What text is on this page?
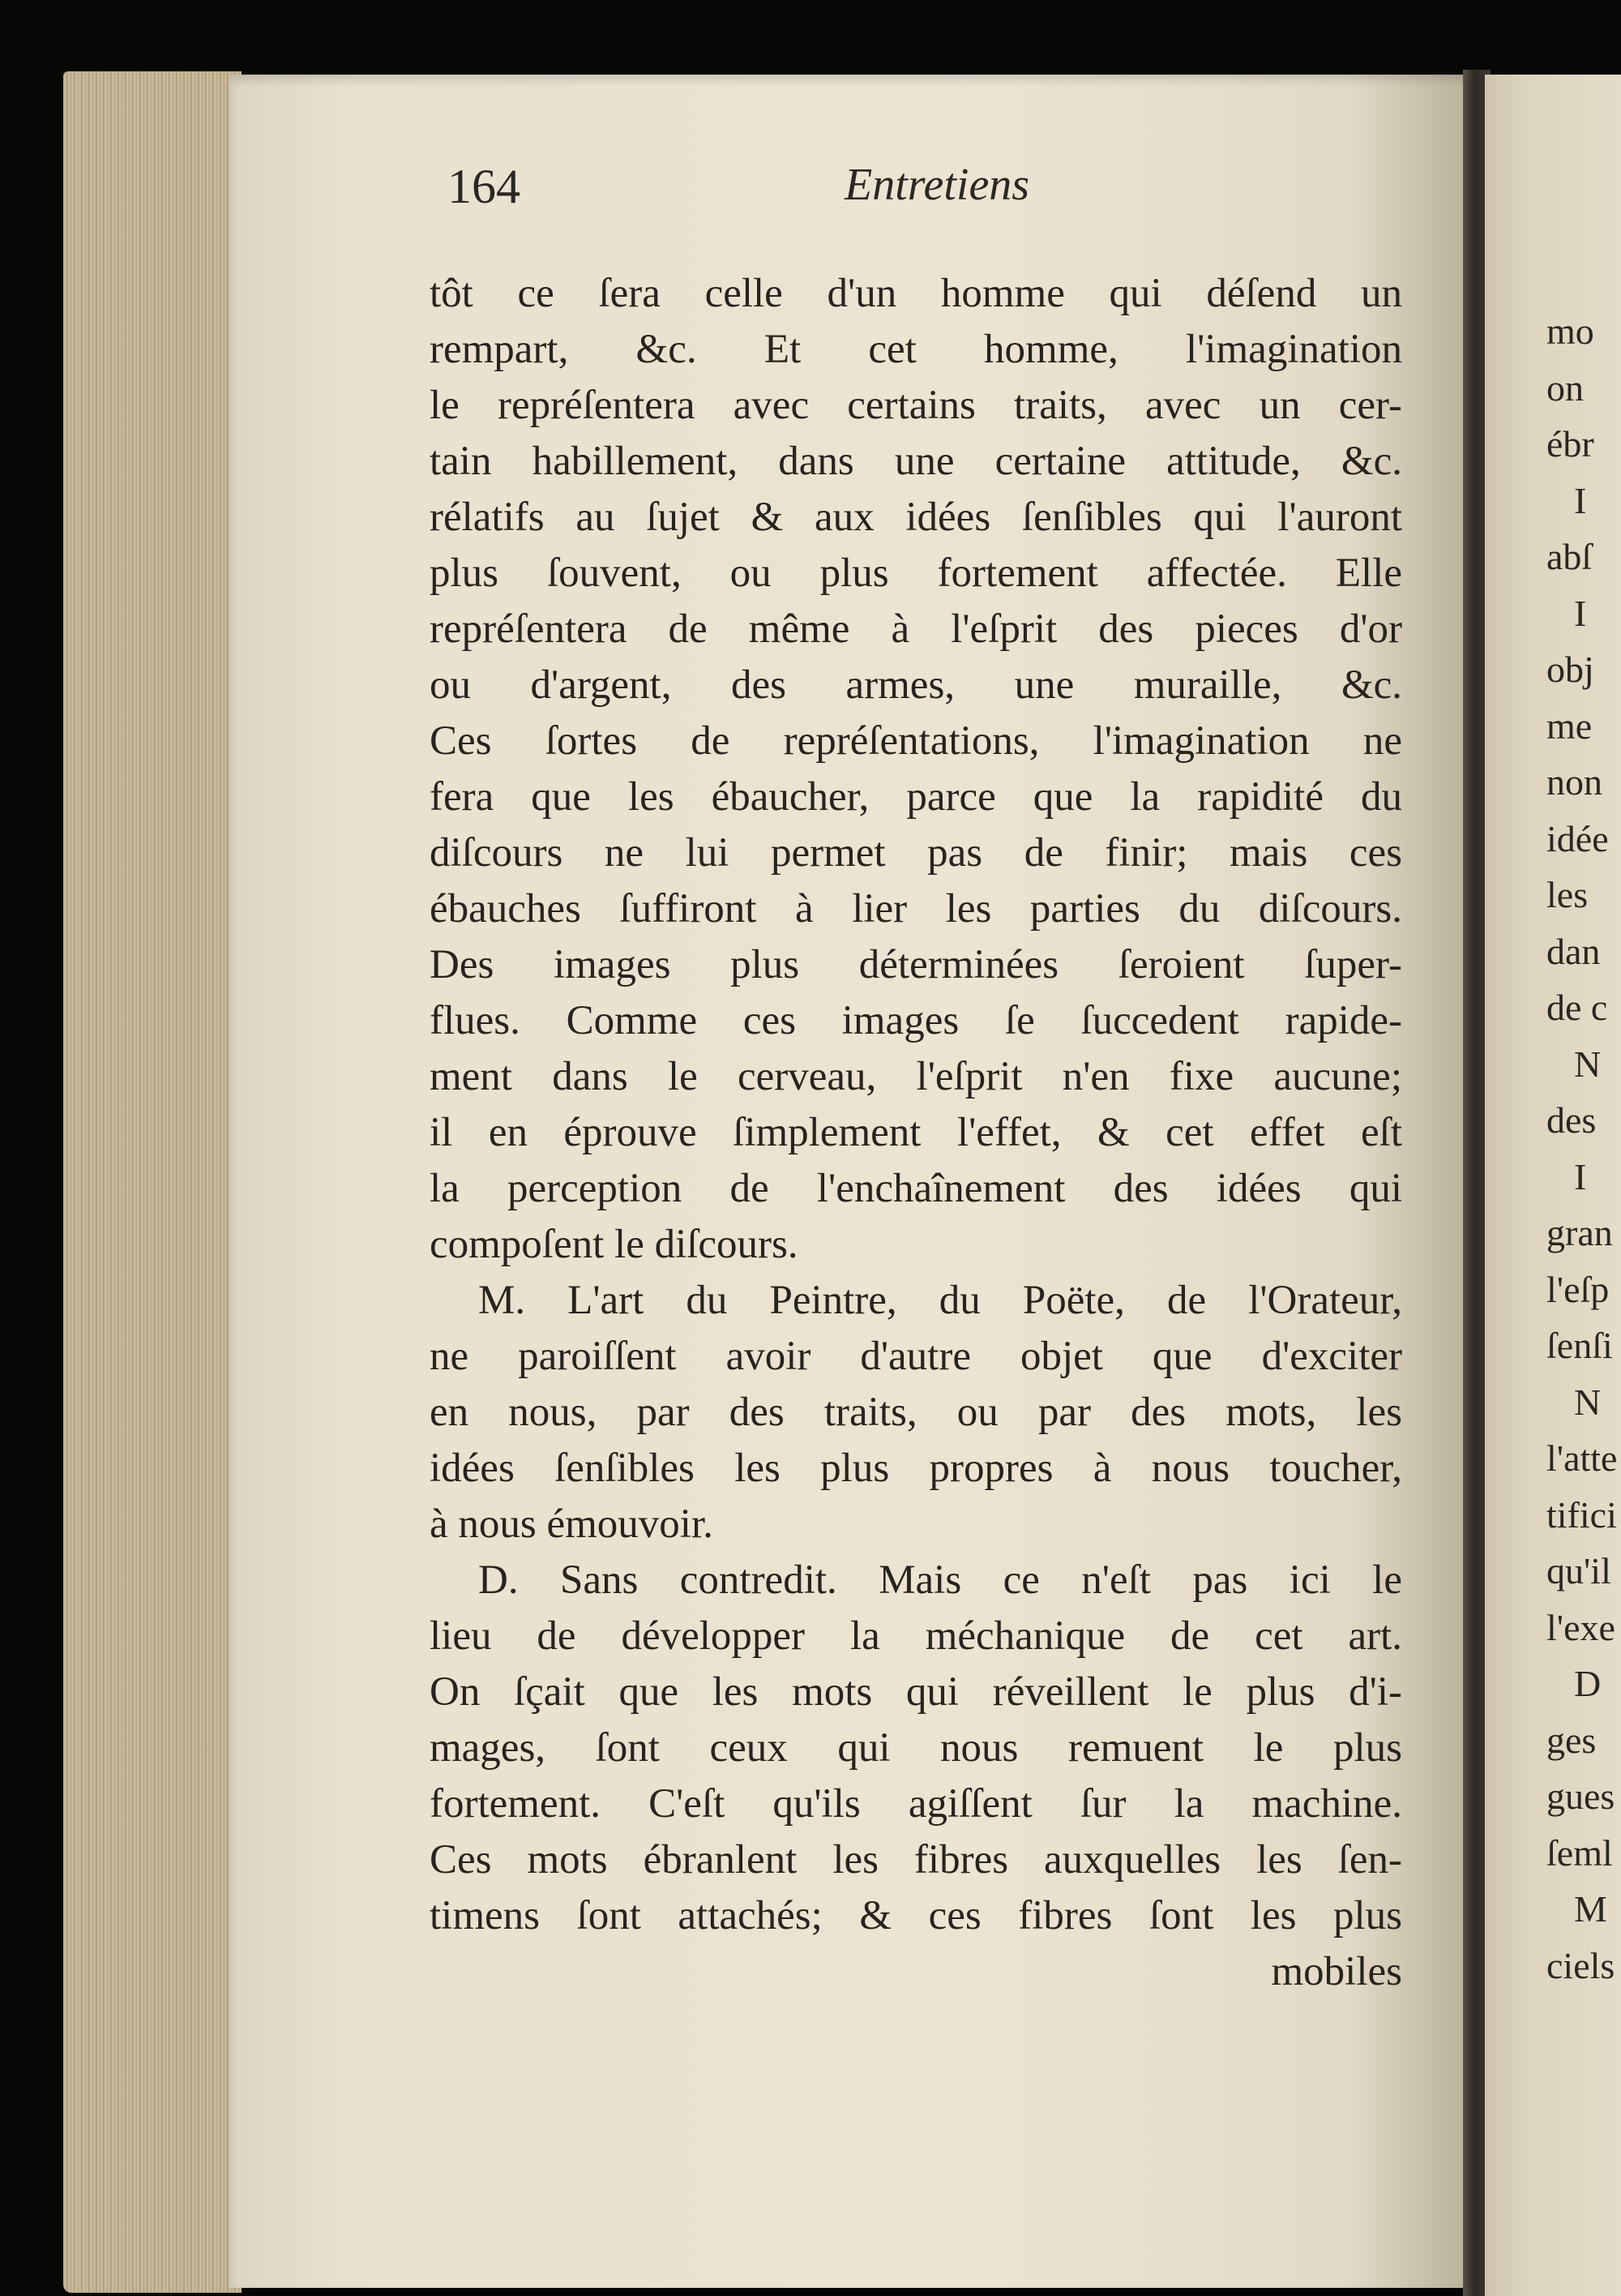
mo
on
ébr
I
abſ
I
obj
me
non
idée
les
dan
de c
N
des
I
gran
l'eſp
ſenſi
N
l'atte
tifici
qu'il
l'exe
D
ges
gues
ſeml
M
ciels
164	Entretiens
tôt ce ſera celle d'un homme qui déſend un
rempart, &c. Et cet homme, l'imagination
le repréſentera avec certains traits, avec un cer-
tain habillement, dans une certaine attitude, &c.
rélatifs au ſujet & aux idées ſenſibles qui l'auront
plus ſouvent, ou plus fortement affectée. Elle
repréſentera de même à l'eſprit des pieces d'or
ou d'argent, des armes, une muraille, &c.
Ces ſortes de repréſentations, l'imagination ne
fera que les ébaucher, parce que la rapidité du
diſcours ne lui permet pas de finir; mais ces
ébauches ſuffiront à lier les parties du diſcours.
Des images plus déterminées ſeroient ſuper-
flues. Comme ces images ſe ſuccedent rapide-
ment dans le cerveau, l'eſprit n'en fixe aucune;
il en éprouve ſimplement l'effet, & cet effet eſt
la perception de l'enchaînement des idées qui
compoſent le diſcours.
M. L'art du Peintre, du Poëte, de l'Orateur,
ne paroiſſent avoir d'autre objet que d'exciter
en nous, par des traits, ou par des mots, les
idées ſenſibles les plus propres à nous toucher,
à nous émouvoir.
D. Sans contredit. Mais ce n'eſt pas ici le
lieu de développer la méchanique de cet art.
On ſçait que les mots qui réveillent le plus d'i-
mages, ſont ceux qui nous remuent le plus
fortement. C'eſt qu'ils agiſſent ſur la machine.
Ces mots ébranlent les fibres auxquelles les ſen-
timens ſont attachés; & ces fibres ſont les plus
mobiles
